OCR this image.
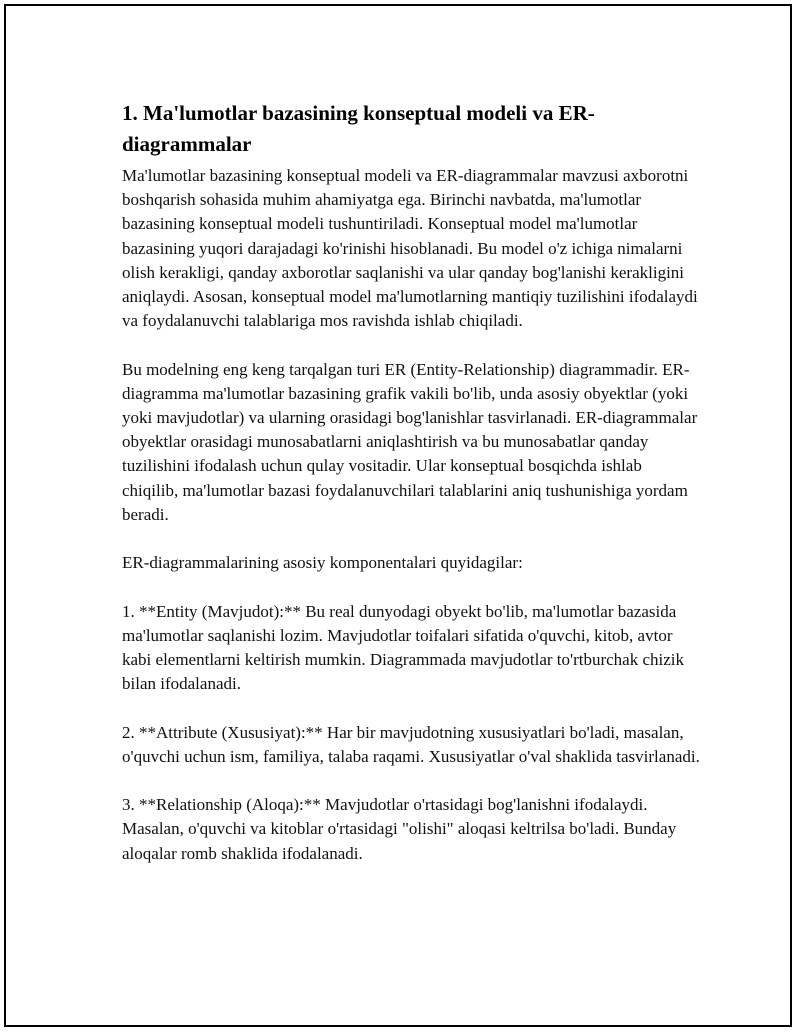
1. Ma'lumotlar bazasining konseptual modeli va ER-diagrammalar

Ma'lumotlar bazasining konseptual modeli va ER-diagrammalar mavzusi axborotni boshqarish sohasida muhim ahamiyatga ega. Birinchi navbatda, ma'lumotlar bazasining konseptual modeli tushuntiriladi. Konseptual model ma'lumotlar bazasining yuqori darajadagi ko'rinishi hisoblanadi. Bu model o'z ichiga nimalarni olish kerakligi, qanday axborotlar saqlanishi va ular qanday bog'lanishi kerakligini aniqlaydi. Asosan, konseptual model ma'lumotlarning mantiqiy tuzilishini ifodalaydi va foydalanuvchi talablariga mos ravishda ishlab chiqiladi.

Bu modelning eng keng tarqalgan turi ER (Entity-Relationship) diagrammadir. ER-diagramma ma'lumotlar bazasining grafik vakili bo'lib, unda asosiy obyektlar (yoki yoki mavjudotlar) va ularning orasidagi bog'lanishlar tasvirlanadi. ER-diagrammalar obyektlar orasidagi munosabatlarni aniqlashtirish va bu munosabatlar qanday tuzilishini ifodalash uchun qulay vositadir. Ular konseptual bosqichda ishlab chiqilib, ma'lumotlar bazasi foydalanuvchilari talablarini aniq tushunishiga yordam beradi.

ER-diagrammalarining asosiy komponentalari quyidagilar:

1. **Entity (Mavjudot):** Bu real dunyodagi obyekt bo'lib, ma'lumotlar bazasida ma'lumotlar saqlanishi lozim. Mavjudotlar toifalari sifatida o'quvchi, kitob, avtor kabi elementlarni keltirish mumkin. Diagrammada mavjudotlar to'rtburchak chizik bilan ifodalanadi.

2. **Attribute (Xususiyat):** Har bir mavjudotning xususiyatlari bo'ladi, masalan, o'quvchi uchun ism, familiya, talaba raqami. Xususiyatlar o'val shaklida tasvirlanadi.

3. **Relationship (Aloqa):** Mavjudotlar o'rtasidagi bog'lanishni ifodalaydi. Masalan, o'quvchi va kitoblar o'rtasidagi "olishi" aloqasi keltrilsa bo'ladi. Bunday aloqalar romb shaklida ifodalanadi.
